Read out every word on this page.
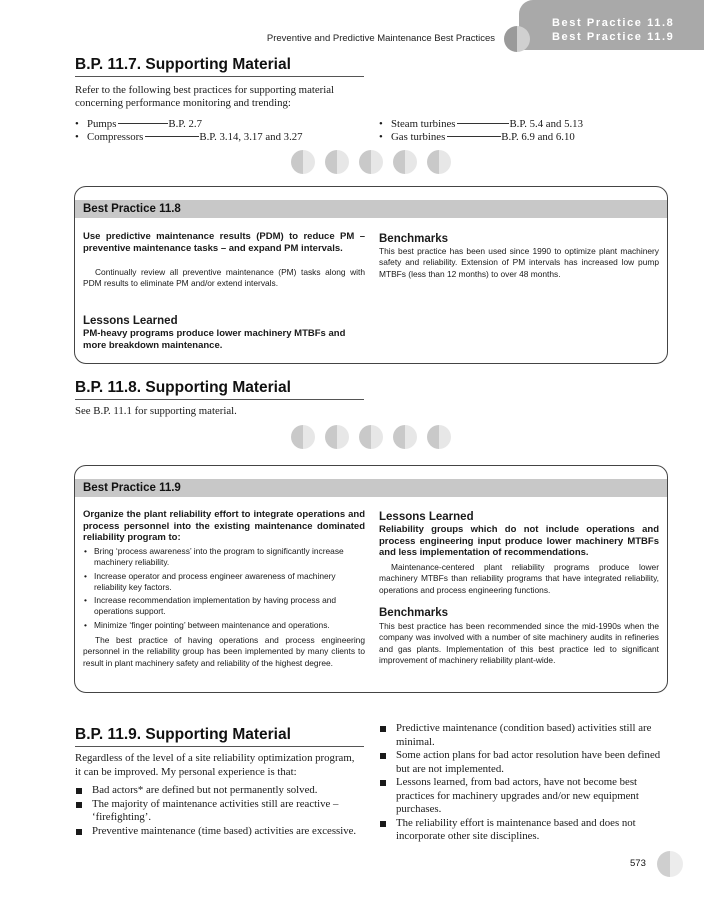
Preventive and Predictive Maintenance Best Practices
Best Practice 11.8
Best Practice 11.9
B.P. 11.7. Supporting Material
Refer to the following best practices for supporting material
concerning performance monitoring and trending:
• Pumps	B.P. 2.7
• Compressors	B.P. 3.14, 3.17 and 3.27
• Steam turbines	B.P. 5.4 and 5.13
• Gas turbines	B.P. 6.9 and 6.10
Best Practice 11.8
Use predictive maintenance results (PDM) to reduce PM – preventive maintenance tasks – and expand PM intervals.
Continually review all preventive maintenance (PM) tasks along with PDM results to eliminate PM and/or extend intervals.
Lessons Learned
PM-heavy programs produce lower machinery MTBFs and more breakdown maintenance.
Benchmarks
This best practice has been used since 1990 to optimize plant machinery safety and reliability. Extension of PM intervals has increased low pump MTBFs (less than 12 months) to over 48 months.
B.P. 11.8. Supporting Material
See B.P. 11.1 for supporting material.
Best Practice 11.9
Organize the plant reliability effort to integrate operations and process personnel into the existing maintenance dominated reliability program to:
• Bring ‘process awareness’ into the program to significantly increase machinery reliability.
• Increase operator and process engineer awareness of machinery reliability key factors.
• Increase recommendation implementation by having process and operations support.
• Minimize ‘finger pointing’ between maintenance and operations.
The best practice of having operations and process engineering personnel in the reliability group has been implemented by many clients to result in plant machinery safety and reliability of the highest degree.
Lessons Learned
Reliability groups which do not include operations and process engineering input produce lower machinery MTBFs and less implementation of recommendations.
Maintenance-centered plant reliability programs produce lower machinery MTBFs than reliability programs that have integrated reliability, operations and process engineering functions.
Benchmarks
This best practice has been recommended since the mid-1990s when the company was involved with a number of site machinery audits in refineries and gas plants. Implementation of this best practice led to significant improvement of machinery reliability plant-wide.
B.P. 11.9. Supporting Material
Regardless of the level of a site reliability optimization program,
it can be improved. My personal experience is that:
Bad actors* are defined but not permanently solved.
The majority of maintenance activities still are reactive – ‘firefighting’.
Preventive maintenance (time based) activities are excessive.
Predictive maintenance (condition based) activities still are minimal.
Some action plans for bad actor resolution have been defined but are not implemented.
Lessons learned, from bad actors, have not become best practices for machinery upgrades and/or new equipment purchases.
The reliability effort is maintenance based and does not incorporate other site disciplines.
573
